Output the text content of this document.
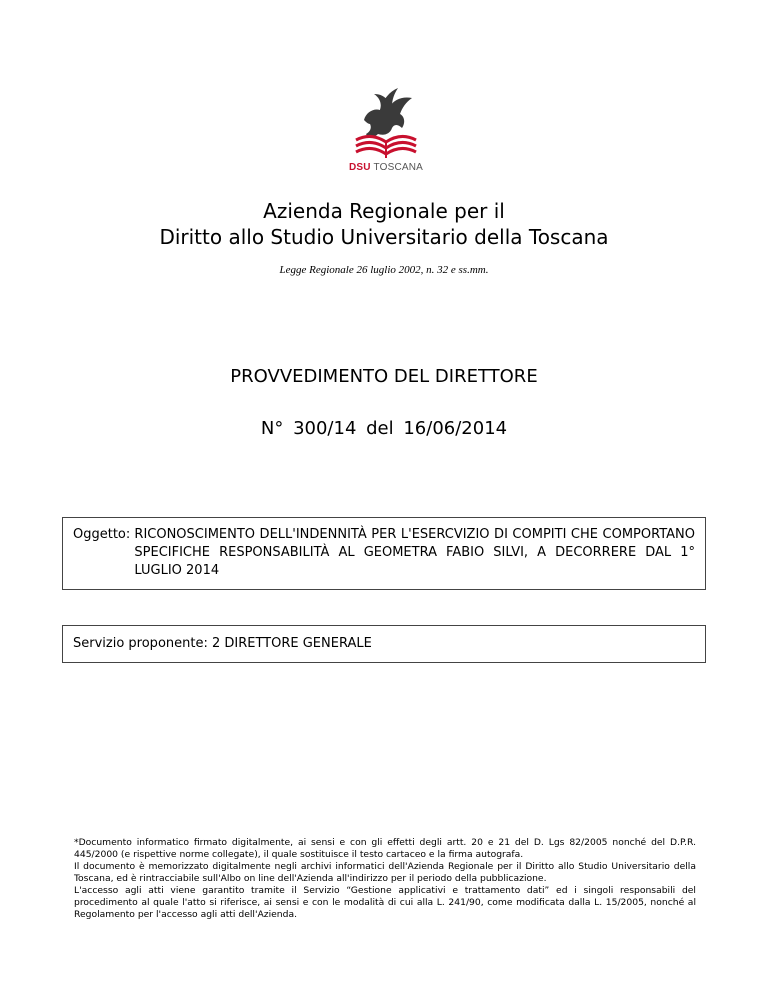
DSU TOSCANA
Azienda Regionale per il
Diritto allo Studio Universitario della Toscana
Legge Regionale 26 luglio 2002, n. 32 e ss.mm.
PROVVEDIMENTO DEL DIRETTORE
N° 300/14 del 16/06/2014
Oggetto: RICONOSCIMENTO DELL'INDENNITÀ PER L'ESERCVIZIO DI COMPITI CHE COMPORTANO SPECIFICHE RESPONSABILITÀ AL GEOMETRA FABIO SILVI, A DECORRERE DAL 1° LUGLIO 2014
Servizio proponente: 2 DIRETTORE GENERALE

*Documento informatico firmato digitalmente, ai sensi e con gli effetti degli artt. 20 e 21 del D. Lgs 82/2005 nonché del D.P.R. 445/2000 (e rispettive norme collegate), il quale sostituisce il testo cartaceo e la firma autografa.

Il documento è memorizzato digitalmente negli archivi informatici dell'Azienda Regionale per il Diritto allo Studio Universitario della Toscana, ed è rintracciabile sull'Albo on line dell'Azienda all'indirizzo per il periodo della pubblicazione.

L'accesso agli atti viene garantito tramite il Servizio “Gestione applicativi e trattamento dati” ed i singoli responsabili del procedimento al quale l'atto si riferisce, ai sensi e con le modalità di cui alla L. 241/90, come modificata dalla L. 15/2005, nonché al Regolamento per l'accesso agli atti dell'Azienda.
